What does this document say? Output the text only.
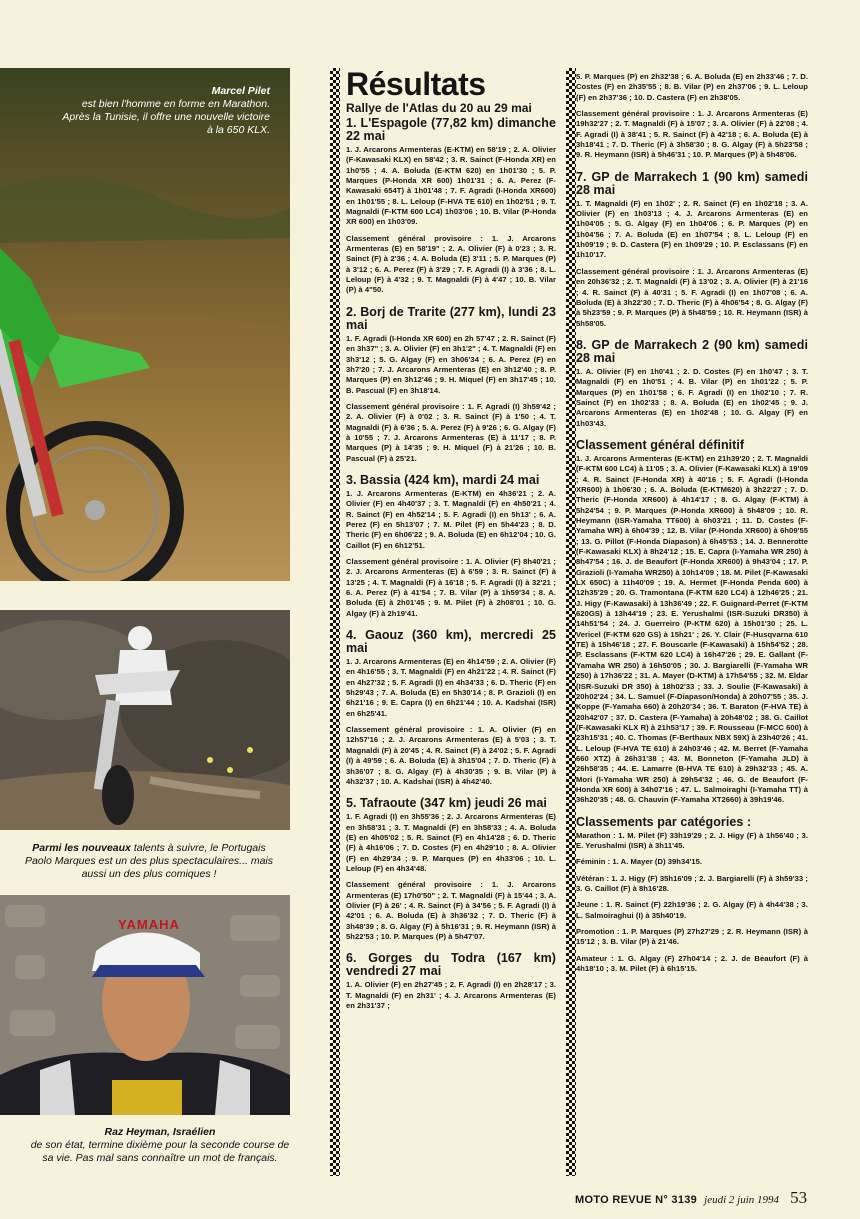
Marcel Pilet
est bien l'homme en forme en Marathon. Après la Tunisie, il offre une nouvelle victoire à la 650 KLX.
Parmi les nouveaux talents à suivre, le Portugais Paolo Marques est un des plus spectaculaires... mais aussi un des plus comiques !
YAMAHA
Raz Heyman, Israélien
de son état, termine dixième pour la seconde course de sa vie. Pas mal sans connaître un mot de français.
Résultats
Rallye de l'Atlas du 20 au 29 mai
1. L'Espagole (77,82 km) dimanche 22 mai

1. J. Arcarons Armenteras (E-KTM) en 58'19 ; 2. A. Olivier (F-Kawasaki KLX) en 58'42 ; 3. R. Sainct (F-Honda XR) en 1h0'55 ; 4. A. Boluda (E-KTM 620) en 1h01'30 ; 5. P. Marques (P-Honda XR 600) 1h01'31 ; 6. A. Perez (F-Kawasaki 654T) à 1h01'48 ; 7. F. Agradi (I-Honda XR600) en 1h01'55 ; 8. L. Leloup (F-HVA TE 610) en 1h02'51 ; 9. T. Magnaldi (F-KTM 600 LC4) 1h03'06 ; 10. B. Vilar (P-Honda XR 600) en 1h03'09.

Classement général provisoire : 1. J. Arcarons Armenteras (E) en 58'19" ; 2. A. Olivier (F) à 0'23 ; 3. R. Sainct (F) à 2'36 ; 4. A. Boluda (E) 3'11 ; 5. P. Marques (P) à 3'12 ; 6. A. Perez (F) à 3'29 ; 7. F. Agradi (I) à 3'36 ; 8. L. Leloup (F) à 4'32 ; 9. T. Magnaldi (F) à 4'47 ; 10. B. Vilar (P) à 4"50.

2. Borj de Trarite (277 km), lundi 23 mai

1. F. Agradi (I-Honda XR 600) en 2h 57'47 ; 2. R. Sainct (F) en 3h37" ; 3. A. Olivier (F) en 3h1'2" ; 4. T. Magnaldi (F) en 3h3'12 ; 5. G. Algay (F) en 3h06'34 ; 6. A. Perez (F) en 3h7'20 ; 7. J. Arcarons Armenteras (E) en 3h12'40 ; 8. P. Marques (P) en 3h12'46 ; 9. H. Miquel (F) en 3h17'45 ; 10. B. Pascual (F) en 3h18'14.

Classement général provisoire : 1. F. Agradi (I) 3h59'42 ; 2. A. Olivier (F) à 0'02 ; 3. R. Sainct (F) à 1'50 ; 4. T. Magnaldi (F) à 6'36 ; 5. A. Perez (F) à 9'26 ; 6. G. Algay (F) à 10'55 ; 7. J. Arcarons Armenteras (E) à 11'17 ; 8. P. Marques (P) à 14'35 ; 9. H. Miquel (F) à 21'26 ; 10. B. Pascual (F) à 25'21.

3. Bassia (424 km), mardi 24 mai

1. J. Arcarons Armenteras (E-KTM) en 4h36'21 ; 2. A. Olivier (F) en 4h40'37 ; 3. T. Magnaldi (F) en 4h50'21 ; 4. R. Sainct (F) en 4h52'14 ; 5. F. Agradi (I) en 5h13' ; 6. A. Perez (F) en 5h13'07 ; 7. M. Pilet (F) en 5h44'23 ; 8. D. Theric (F) en 6h06'22 ; 9. A. Boluda (E) en 6h12'04 ; 10. G. Caillot (F) en 6h12'51.

Classement général provisoire : 1. A. Olivier (F) 8h40'21 ; 2. J. Arcarons Armenteras (E) à 6'59 ; 3. R. Sainct (F) à 13'25 ; 4. T. Magnaldi (F) à 16'18 ; 5. F. Agradi (I) à 32'21 ; 6. A. Perez (F) à 41'54 ; 7. B. Vilar (P) à 1h59'34 ; 8. A. Boluda (E) à 2h01'45 ; 9. M. Pilet (F) à 2h08'01 ; 10. G. Algay (F) à 2h19'41.

4. Gaouz (360 km), mercredi 25 mai

1. J. Arcarons Armenteras (E) en 4h14'59 ; 2. A. Olivier (F) en 4h16'55 ; 3. T. Magnaldi (F) en 4h21'22 ; 4. R. Sainct (F) en 4h27'32 ; 5. F. Agradi (I) en 4h34'33 ; 6. D. Theric (F) en 5h29'43 ; 7. A. Boluda (E) en 5h30'14 ; 8. P. Grazioli (I) en 6h21'16 ; 9. E. Capra (I) en 6h21'44 ; 10. A. Kadshai (ISR) en 6h25'41.

Classement général provisoire : 1. A. Olivier (F) en 12h57'16 ; 2. J. Arcarons Armenteras (E) à 5'03 ; 3. T. Magnaldi (F) à 20'45 ; 4. R. Sainct (F) à 24'02 ; 5. F. Agradi (I) à 49'59 ; 6. A. Boluda (E) à 3h15'04 ; 7. D. Theric (F) à 3h36'07 ; 8. G. Algay (F) à 4h30'35 ; 9. B. Vilar (P) à 4h32'37 ; 10. A. Kadshai (ISR) à 4h42'40.

5. Tafraoute (347 km) jeudi 26 mai

1. F. Agradi (I) en 3h55'36 ; 2. J. Arcarons Armenteras (E) en 3h58'31 ; 3. T. Magnaldi (F) en 3h58'33 ; 4. A. Boluda (E) en 4h05'02 ; 5. R. Sainct (F) en 4h14'28 ; 6. D. Theric (F) à 4h16'06 ; 7. D. Costes (F) en 4h29'10 ; 8. A. Olivier (F) en 4h29'34 ; 9. P. Marques (P) en 4h33'06 ; 10. L. Leloup (F) en 4h34'48.

Classement général provisoire : 1. J. Arcarons Armenteras (E) 17h0'50" ; 2. T. Magnaldi (F) à 15'44 ; 3. A. Olivier (F) à 26' ; 4. R. Sainct (F) à 34'56 ; 5. F. Agradi (I) à 42'01 ; 6. A. Boluda (E) à 3h36'32 ; 7. D. Theric (F) à 3h48'39 ; 8. G. Algay (F) à 5h16'31 ; 9. R. Heymann (ISR) à 5h22'53 ; 10. P. Marques (P) à 5h47'07.

6. Gorges du Todra (167 km) vendredi 27 mai

1. A. Olivier (F) en 2h27'45 ; 2. F. Agradi (I) en 2h28'17 ; 3. T. Magnaldi (F) en 2h31' ; 4. J. Arcarons Armenteras (E) en 2h31'37 ;

5. P. Marques (P) en 2h32'38 ; 6. A. Boluda (E) en 2h33'46 ; 7. D. Costes (F) en 2h35'55 ; 8. B. Vilar (P) en 2h37'06 ; 9. L. Leloup (F) en 2h37'36 ; 10. D. Castera (F) en 2h38'05.

Classement général provisoire : 1. J. Arcarons Armenteras (E) 19h32'27 ; 2. T. Magnaldi (F) à 15'07 ; 3. A. Olivier (F) à 22'08 ; 4. F. Agradi (I) à 38'41 ; 5. R. Sainct (F) à 42'18 ; 6. A. Boluda (E) à 3h18'41 ; 7. D. Theric (F) à 3h58'30 ; 8. G. Algay (F) à 5h23'58 ; 9. R. Heymann (ISR) à 5h46'31 ; 10. P. Marques (P) à 5h48'06.

7. GP de Marrakech 1 (90 km) samedi 28 mai

1. T. Magnaldi (F) en 1h02' ; 2. R. Sainct (F) en 1h02'18 ; 3. A. Olivier (F) en 1h03'13 ; 4. J. Arcarons Armenteras (E) en 1h04'05 ; 5. G. Algay (F) en 1h04'06 ; 6. P. Marques (P) en 1h04'56 ; 7. A. Boluda (E) en 1h07'54 ; 8. L. Leloup (F) en 1h09'19 ; 9. D. Castera (F) en 1h09'29 ; 10. P. Esclassans (F) en 1h10'17.

Classement général provisoire : 1. J. Arcarons Armenteras (E) en 20h36'32 ; 2. T. Magnaldi (F) à 13'02 ; 3. A. Olivier (F) à 21'16 ; 4. R. Sainct (F) à 40'31 ; 5. F. Agradi (I) en 1h07'08 ; 6. A. Boluda (E) à 3h22'30 ; 7. D. Theric (F) à 4h06'54 ; 8. G. Algay (F) à 5h23'59 ; 9. P. Marques (P) à 5h48'59 ; 10. R. Heymann (ISR) à 5h58'05.

8. GP de Marrakech 2 (90 km) samedi 28 mai

1. A. Olivier (F) en 1h0'41 ; 2. D. Costes (F) en 1h0'47 ; 3. T. Magnaldi (F) en 1h0'51 ; 4. B. Vilar (P) en 1h01'22 ; 5. P. Marques (P) en 1h01'58 ; 6. F. Agradi (I) en 1h02'10 ; 7. R. Sainct (F) en 1h02'33 ; 8. A. Boluda (E) en 1h02'45 ; 9. J. Arcarons Armenteras (E) en 1h02'48 ; 10. G. Algay (F) en 1h03'43.

Classement général définitif

1. J. Arcarons Armenteras (E-KTM) en 21h39'20 ; 2. T. Magnaldi (F-KTM 600 LC4) à 11'05 ; 3. A. Olivier (F-Kawasaki KLX) à 19'09 ; 4. R. Sainct (F-Honda XR) à 40'16 ; 5. F. Agradi (I-Honda XR600) à 1h06'30 ; 6. A. Boluda (E-KTM620) à 3h22'27 ; 7. D. Theric (F-Honda XR600) à 4h14'17 ; 8. G. Algay (F-KTM) à 5h24'54 ; 9. P. Marques (P-Honda XR600) à 5h48'09 ; 10. R. Heymann (ISR-Yamaha TT600) à 6h03'21 ; 11. D. Costes (F-Yamaha WR) à 6h04'39 ; 12. B. Vilar (P-Honda XR600) à 6h09'55 ; 13. G. Pillot (F-Honda Diapason) à 6h45'53 ; 14. J. Bennerotte (F-Kawasaki KLX) à 8h24'12 ; 15. E. Capra (I-Yamaha WR 250) à 8h47'54 ; 16. J. de Beaufort (F-Honda XR600) à 9h43'04 ; 17. P. Grazioli (I-Yamaha WR250) à 10h14'09 ; 18. M. Pilet (F-Kawasaki LX 650C) à 11h40'09 ; 19. A. Hermet (F-Honda Penda 600) à 12h35'29 ; 20. G. Tramontana (F-KTM 620 LC4) à 12h46'25 ; 21. J. Higy (F-Kawasaki) à 13h36'49 ; 22. F. Guignard-Perret (F-KTM 620GS) à 13h44'19 ; 23. E. Yerushalmi (ISR-Suzuki DR350) à 14h51'54 ; 24. J. Guerreiro (P-KTM 620) à 15h01'30 ; 25. L. Vericel (F-KTM 620 GS) à 15h21' ; 26. Y. Clair (F-Husqvarna 610 TE) à 15h46'18 ; 27. F. Bouscarle (F-Kawasaki) à 15h54'52 ; 28. P. Esclassans (F-KTM 620 LC4) à 16h47'26 ; 29. E. Gallant (F-Yamaha WR 250) à 16h50'05 ; 30. J. Bargiarelli (F-Yamaha WR 250) à 17h36'22 ; 31. A. Mayer (D-KTM) à 17h54'55 ; 32. M. Eldar (ISR-Suzuki DR 350) à 18h02'33 ; 33. J. Soulie (F-Kawasaki) à 20h02'24 ; 34. L. Samuel (F-Diapason/Honda) à 20h07'55 ; 35. J. Koppe (F-Yamaha 660) à 20h20'34 ; 36. T. Baraton (F-HVA TE) à 20h42'07 ; 37. D. Castera (F-Yamaha) à 20h48'02 ; 38. G. Caillot (F-Kawasaki KLX R) à 21h53'17 ; 39. F. Rousseau (F-MCC 600) à 23h15'31 ; 40. C. Thomas (F-Berthaux NBX 59X) à 23h40'26 ; 41. L. Leloup (F-HVA TE 610) à 24h03'46 ; 42. M. Berret (F-Yamaha 660 XTZ) à 26h31'38 ; 43. M. Bonneton (F-Yamaha JLD) à 26h58'35 ; 44. E. Lamarre (B-HVA TE 610) à 29h32'33 ; 45. A. Mori (I-Yamaha WR 250) à 29h54'32 ; 46. G. de Beaufort (F-Honda XR 600) à 34h07'16 ; 47. L. Salmoiraghi (I-Yamaha TT) à 36h20'35 ; 48. G. Chauvin (F-Yamaha XT2660) à 39h19'46.

Classements par catégories :

Marathon : 1. M. Pilet (F) 33h19'29 ; 2. J. Higy (F) à 1h56'40 ; 3. E. Yerushalmi (ISR) à 3h11'45.

Féminin : 1. A. Mayer (D) 39h34'15.

Vétéran : 1. J. Higy (F) 35h16'09 ; 2. J. Bargiarelli (F) à 3h59'33 ; 3. G. Caillot (F) à 8h16'28.

Jeune : 1. R. Sainct (F) 22h19'36 ; 2. G. Algay (F) à 4h44'38 ; 3. L. Salmoiraghui (I) à 35h40'19.

Promotion : 1. P. Marques (P) 27h27'29 ; 2. R. Heymann (ISR) à 15'12 ; 3. B. Vilar (P) à 21'46.

Amateur : 1. G. Algay (F) 27h04'14 ; 2. J. de Beaufort (F) à 4h18'10 ; 3. M. Pilet (F) à 6h15'15.

MOTO REVUE N° 3139 jeudi 2 juin 1994 53
